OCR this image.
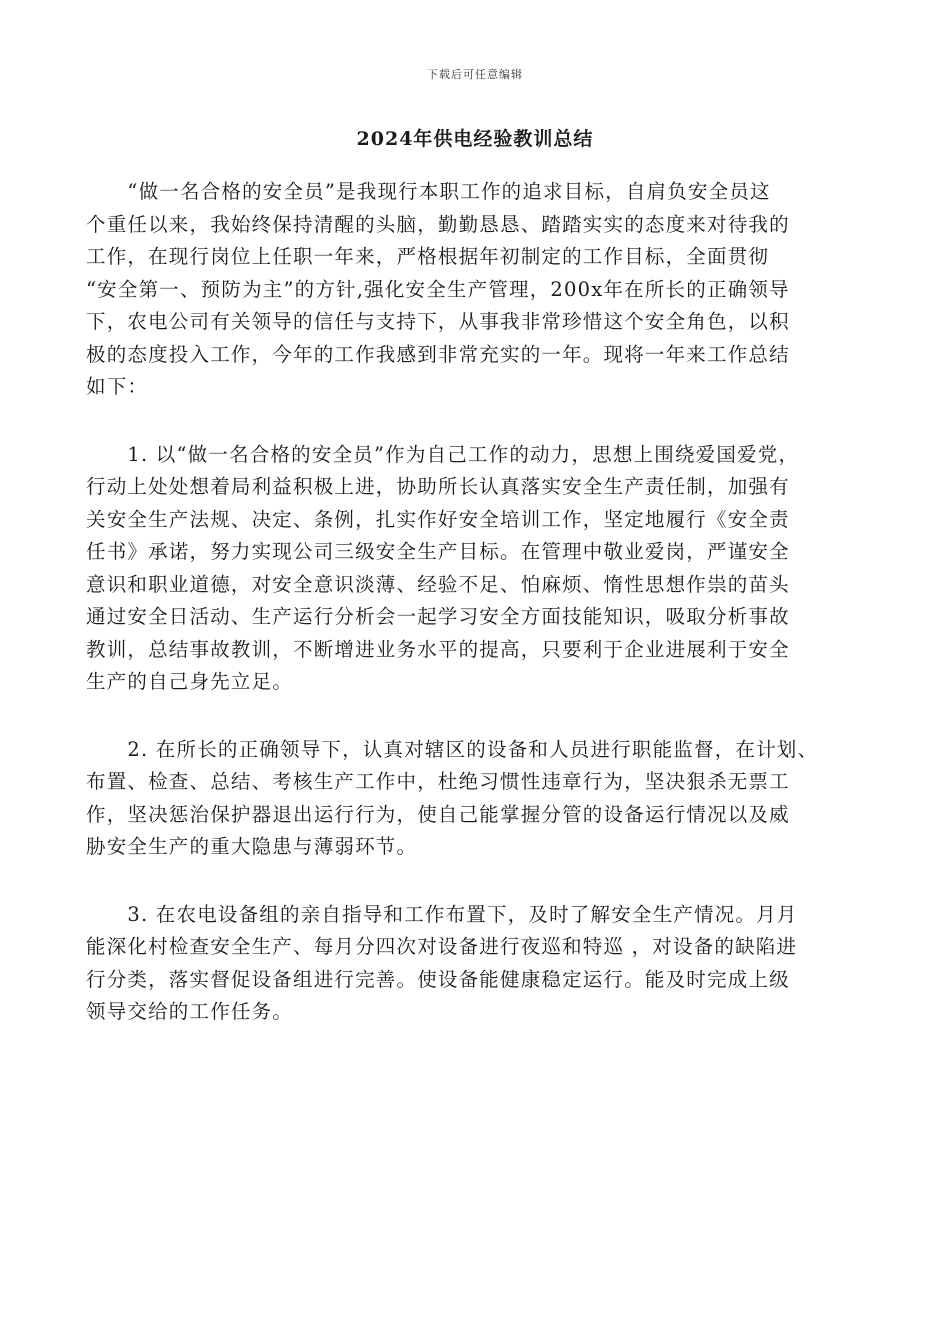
下载后可任意编辑
2024年供电经验教训总结
　　“做一名合格的安全员”是我现行本职工作的追求目标，自肩负安全员这
个重任以来，我始终保持清醒的头脑，勤勤恳恳、踏踏实实的态度来对待我的
工作，在现行岗位上任职一年来，严格根据年初制定的工作目标，全面贯彻
“安全第一、预防为主”的方针,强化安全生产管理，200x年在所长的正确领导
下，农电公司有关领导的信任与支持下，从事我非常珍惜这个安全角色，以积
极的态度投入工作，今年的工作我感到非常充实的一年。现将一年来工作总结
如下：
　　1. 以“做一名合格的安全员”作为自己工作的动力，思想上围绕爱国爱党，
行动上处处想着局利益积极上进，协助所长认真落实安全生产责任制，加强有
关安全生产法规、决定、条例，扎实作好安全培训工作，坚定地履行《安全责
任书》承诺，努力实现公司三级安全生产目标。在管理中敬业爱岗，严谨安全
意识和职业道德，对安全意识淡薄、经验不足、怕麻烦、惰性思想作祟的苗头
通过安全日活动、生产运行分析会一起学习安全方面技能知识，吸取分析事故
教训，总结事故教训，不断增进业务水平的提高，只要利于企业进展利于安全
生产的自己身先立足。
　　2. 在所长的正确领导下，认真对辖区的设备和人员进行职能监督，在计划、
布置、检查、总结、考核生产工作中，杜绝习惯性违章行为，坚决狠杀无票工
作，坚决惩治保护器退出运行行为，使自己能掌握分管的设备运行情况以及威
胁安全生产的重大隐患与薄弱环节。
　　3. 在农电设备组的亲自指导和工作布置下，及时了解安全生产情况。月月
能深化村检查安全生产、每月分四次对设备进行夜巡和特巡 ，对设备的缺陷进
行分类，落实督促设备组进行完善。使设备能健康稳定运行。能及时完成上级
领导交给的工作任务。
